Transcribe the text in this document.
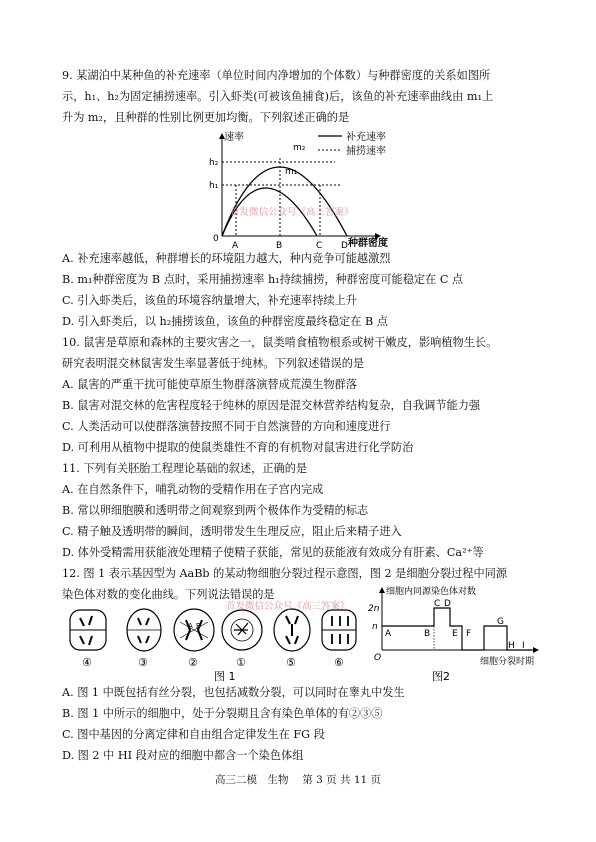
9. 某湖泊中某种鱼的补充速率（单位时间内净增加的个体数）与种群密度的关系如图所
示，h₁、h₂为固定捕捞速率。引入虾类(可被该鱼捕食)后，该鱼的补充速率曲线由 m₁上
升为 m₂，且种群的性别比例更加均衡。下列叙述正确的是
速率
种群密度
0
h₂
h₁
m₂
m₁
A	B	C D
补充速率
捕捞速率
首发微信公众号《高三答案》
A. 补充速率越低，种群增长的环境阻力越大，种内竞争可能越激烈
B. m₁种群密度为 B 点时，采用捕捞速率 h₁持续捕捞，种群密度可能稳定在 C 点
C. 引入虾类后，该鱼的环境容纳量增大，补充速率持续上升
D. 引入虾类后，以 h₂捕捞该鱼，该鱼的种群密度最终稳定在 B 点
10. 鼠害是草原和森林的主要灾害之一，鼠类啃食植物根系或树干嫩皮，影响植物生长。
研究表明混交林鼠害发生率显著低于纯林。下列叙述错误的是
A. 鼠害的严重干扰可能使草原生物群落演替成荒漠生物群落
B. 鼠害对混交林的危害程度轻于纯林的原因是混交林营养结构复杂，自我调节能力强
C. 人类活动可以使群落演替按照不同于自然演替的方向和速度进行
D. 可利用从植物中提取的使鼠类雄性不育的有机物对鼠害进行化学防治
11. 下列有关胚胎工程理论基础的叙述，正确的是
A. 在自然条件下，哺乳动物的受精作用在子宫内完成
B. 常以卵细胞膜和透明带之间观察到两个极体作为受精的标志
C. 精子触及透明带的瞬间，透明带发生生理反应，阻止后来精子进入
D. 体外受精需用获能液处理精子使精子获能，常见的获能液有效成分有肝素、Ca²⁺等
12. 图 1 表示基因型为 AaBb 的某动物细胞分裂过程示意图，图 2 是细胞分裂过程中同源
染色体对数的变化曲线。下列说法错误的是
A B
④	③	②	①	⑤	⑥
图 1
细胞内同源染色体对数
2n
n
O
A	B
C D
E F
G
H I
细胞分裂时期
图2
首发微信公众号《高三答案》
A. 图 1 中既包括有丝分裂，也包括减数分裂，可以同时在睾丸中发生
B. 图 1 中所示的细胞中，处于分裂期且含有染色单体的有②③⑤
C. 图中基因的分离定律和自由组合定律发生在 FG 段
D. 图 2 中 HI 段对应的细胞中都含一个染色体组
高三二模　生物　 第 3 页 共 11 页
